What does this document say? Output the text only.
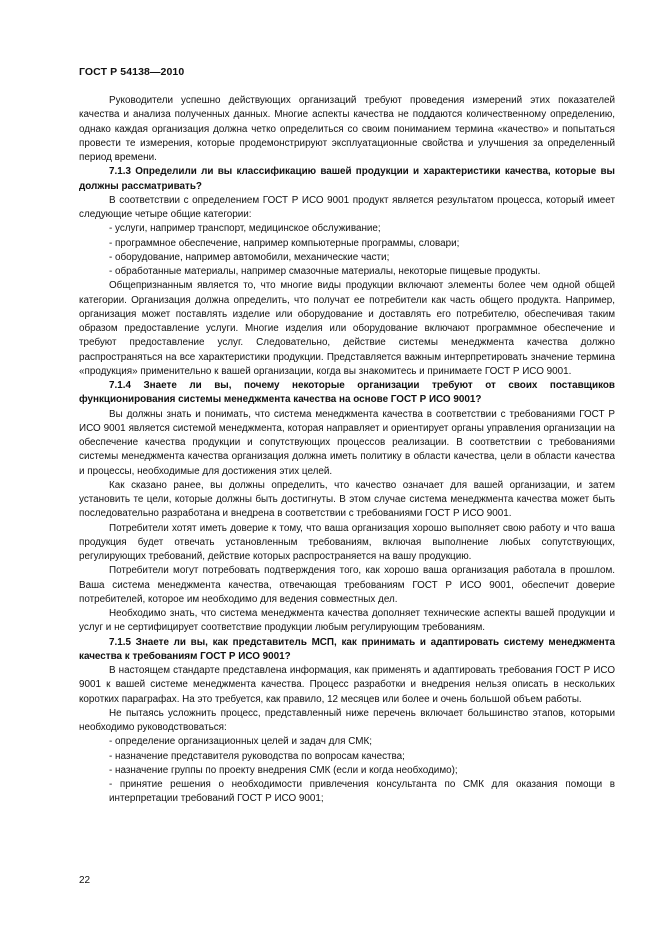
ГОСТ Р 54138—2010

Руководители успешно действующих организаций требуют проведения измерений этих показателей качества и анализа полученных данных. Многие аспекты качества не поддаются количественному определению, однако каждая организация должна четко определиться со своим пониманием термина «качество» и попытаться провести те измерения, которые продемонстрируют эксплуатационные свойства и улучшения за определенный период времени.

7.1.3 Определили ли вы классификацию вашей продукции и характеристики качества, которые вы должны рассматривать?

В соответствии с определением ГОСТ Р ИСО 9001 продукт является результатом процесса, который имеет следующие четыре общие категории:

- услуги, например транспорт, медицинское обслуживание;
- программное обеспечение, например компьютерные программы, словари;
- оборудование, например автомобили, механические части;
- обработанные материалы, например смазочные материалы, некоторые пищевые продукты.

Общепризнанным является то, что многие виды продукции включают элементы более чем одной общей категории. Организация должна определить, что получат ее потребители как часть общего продукта. Например, организация может поставлять изделие или оборудование и доставлять его потребителю, обеспечивая таким образом предоставление услуги. Многие изделия или оборудование включают программное обеспечение и требуют предоставление услуг. Следовательно, действие системы менеджмента качества должно распространяться на все характеристики продукции. Представляется важным интерпретировать значение термина «продукция» применительно к вашей организации, когда вы знакомитесь и принимаете ГОСТ Р ИСО 9001.

7.1.4 Знаете ли вы, почему некоторые организации требуют от своих поставщиков функционирования системы менеджмента качества на основе ГОСТ Р ИСО 9001?

Вы должны знать и понимать, что система менеджмента качества в соответствии с требованиями ГОСТ Р ИСО 9001 является системой менеджмента, которая направляет и ориентирует органы управления организации на обеспечение качества продукции и сопутствующих процессов реализации. В соответствии с требованиями системы менеджмента качества организация должна иметь политику в области качества, цели в области качества и процессы, необходимые для достижения этих целей.

Как сказано ранее, вы должны определить, что качество означает для вашей организации, и затем установить те цели, которые должны быть достигнуты. В этом случае система менеджмента качества может быть последовательно разработана и внедрена в соответствии с требованиями ГОСТ Р ИСО 9001.

Потребители хотят иметь доверие к тому, что ваша организация хорошо выполняет свою работу и что ваша продукция будет отвечать установленным требованиям, включая выполнение любых сопутствующих, регулирующих требований, действие которых распространяется на вашу продукцию.

Потребители могут потребовать подтверждения того, как хорошо ваша организация работала в прошлом. Ваша система менеджмента качества, отвечающая требованиям ГОСТ Р ИСО 9001, обеспечит доверие потребителей, которое им необходимо для ведения совместных дел.

Необходимо знать, что система менеджмента качества дополняет технические аспекты вашей продукции и услуг и не сертифицирует соответствие продукции любым регулирующим требованиям.

7.1.5 Знаете ли вы, как представитель МСП, как принимать и адаптировать систему менеджмента качества к требованиям ГОСТ Р ИСО 9001?

В настоящем стандарте представлена информация, как применять и адаптировать требования ГОСТ Р ИСО 9001 к вашей системе менеджмента качества. Процесс разработки и внедрения нельзя описать в нескольких коротких параграфах. На это требуется, как правило, 12 месяцев или более и очень большой объем работы.

Не пытаясь усложнить процесс, представленный ниже перечень включает большинство этапов, которыми необходимо руководствоваться:

- определение организационных целей и задач для СМК;
- назначение представителя руководства по вопросам качества;
- назначение группы по проекту внедрения СМК (если и когда необходимо);
- принятие решения о необходимости привлечения консультанта по СМК для оказания помощи в интерпретации требований ГОСТ Р ИСО 9001;
22
